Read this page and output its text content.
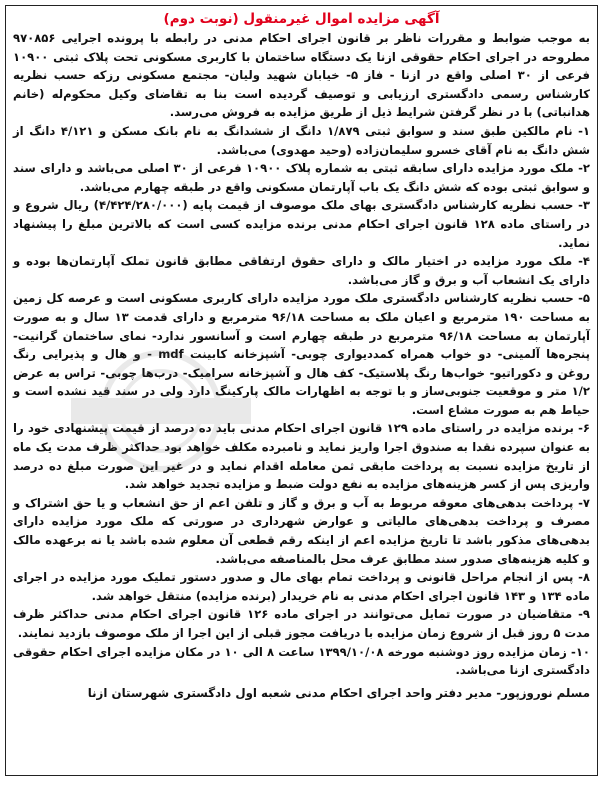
آگهی مزایده اموال غیرمنقول (نوبت دوم)

به موجب ضوابط و مقررات ناظر بر قانون اجرای احکام مدنی در رابطه با پرونده اجرایی ۹۷۰۸۵۶ مطروحه در اجرای احکام حقوقی ازنا یک دستگاه ساختمان با کاربری مسکونی تحت پلاک ثبتی ۱۰۹۰۰ فرعی از ۳۰ اصلی واقع در ازنا - فاز ۵- خیابان شهید ولیان- مجتمع مسکونی رزکه حسب نظریه کارشناس رسمی دادگستری ارزیابی و توصیف گردیده است بنا به تقاضای وکیل محکوم‌له (خانم هدانباتی) با در نظر گرفتن شرایط ذیل از طریق مزایده به فروش می‌رسد.

۱- نام مالکین طبق سند و سوابق ثبتی ۱/۸۷۹ دانگ از ششدانگ به نام بانک مسکن و ۴/۱۲۱ دانگ از شش دانگ به نام آقای خسرو سلیمان‌زاده (وحید مهدوی) می‌باشد.

۲- ملک مورد مزایده دارای سابقه ثبتی به شماره پلاک ۱۰۹۰۰ فرعی از ۳۰ اصلی می‌باشد و دارای سند و سوابق ثبتی بوده که شش دانگ یک باب آپارتمان مسکونی واقع در طبقه چهارم می‌باشد.

۳- حسب نظریه کارشناس دادگستری بهای ملک موصوف از قیمت پایه (۴/۴۲۴/۲۸۰/۰۰۰) ریال شروع و در راستای ماده ۱۲۸ قانون اجرای احکام مدنی برنده مزایده کسی است که بالاترین مبلغ را پیشنهاد نماید.

۴- ملک مورد مزایده در اختیار مالک و دارای حقوق ارتفاقی مطابق قانون تملک آپارتمان‌ها بوده و دارای یک انشعاب آب و برق و گاز می‌باشد.

۵- حسب نظریه کارشناس دادگستری ملک مورد مزایده دارای کاربری مسکونی است و عرصه کل زمین به مساحت ۱۹۰ مترمربع و اعیان ملک به مساحت ۹۶/۱۸ مترمربع و دارای قدمت ۱۳ سال و به صورت آپارتمان به مساحت ۹۶/۱۸ مترمربع در طبقه چهارم است و آسانسور ندارد- نمای ساختمان گرانیت- پنجره‌ها آلمینی- دو خواب همراه کمددیواری چوبی- آشپزخانه کابینت mdf - و هال و پذیرایی رنگ روغن و دکوراتیو- خواب‌ها رنگ پلاستیک- کف هال و آشپزخانه سرامیک- درب‌ها چوبی- تراس به عرض ۱/۲ متر و موقعیت جنوبی‌ساز و با توجه به اظهارات مالک پارکینگ دارد ولی در سند قید نشده است و حیاط هم به صورت مشاع است.

۶- برنده مزایده در راستای ماده ۱۲۹ قانون اجرای احکام مدنی باید ده درصد از قیمت پیشنهادی خود را به عنوان سپرده نقدا به صندوق اجرا واریز نماید و نامبرده مکلف خواهد بود حداکثر ظرف مدت یک ماه از تاریخ مزایده نسبت به پرداخت مابقی ثمن معامله اقدام نماید و در غیر این صورت مبلغ ده درصد واریزی پس از کسر هزینه‌های مزایده به نفع دولت ضبط و مزایده تجدید خواهد شد.

۷- پرداخت بدهی‌های معوقه مربوط به آب و برق و گاز و تلفن اعم از حق انشعاب و یا حق اشتراک و مصرف و پرداخت بدهی‌های مالیاتی و عوارض شهرداری در صورتی که ملک مورد مزایده دارای بدهی‌های مذکور باشد تا تاریخ مزایده اعم از اینکه رقم قطعی آن معلوم شده باشد یا نه برعهده مالک و کلیه هزینه‌های صدور سند مطابق عرف محل بالمناصفه می‌باشد.

۸- پس از انجام مراحل قانونی و پرداخت تمام بهای مال و صدور دستور تملیک مورد مزایده در اجرای ماده ۱۳۴ و ۱۴۳ قانون اجرای احکام مدنی به نام خریدار (برنده مزایده) منتقل خواهد شد.

۹- متقاضیان در صورت تمایل می‌توانند در اجرای ماده ۱۲۶ قانون اجرای احکام مدنی حداکثر ظرف مدت ۵ روز قبل از شروع زمان مزایده با دریافت مجوز قبلی از این اجرا از ملک موصوف بازدید نمایند.

۱۰- زمان مزایده روز دوشنبه مورخه ۱۳۹۹/۱۰/۰۸ ساعت ۸ الی ۱۰ در مکان مزایده اجرای احکام حقوقی دادگستری ازنا می‌باشد.

مسلم نوروزپور- مدیر دفتر واحد اجرای احکام مدنی شعبه اول دادگستری شهرستان ازنا
